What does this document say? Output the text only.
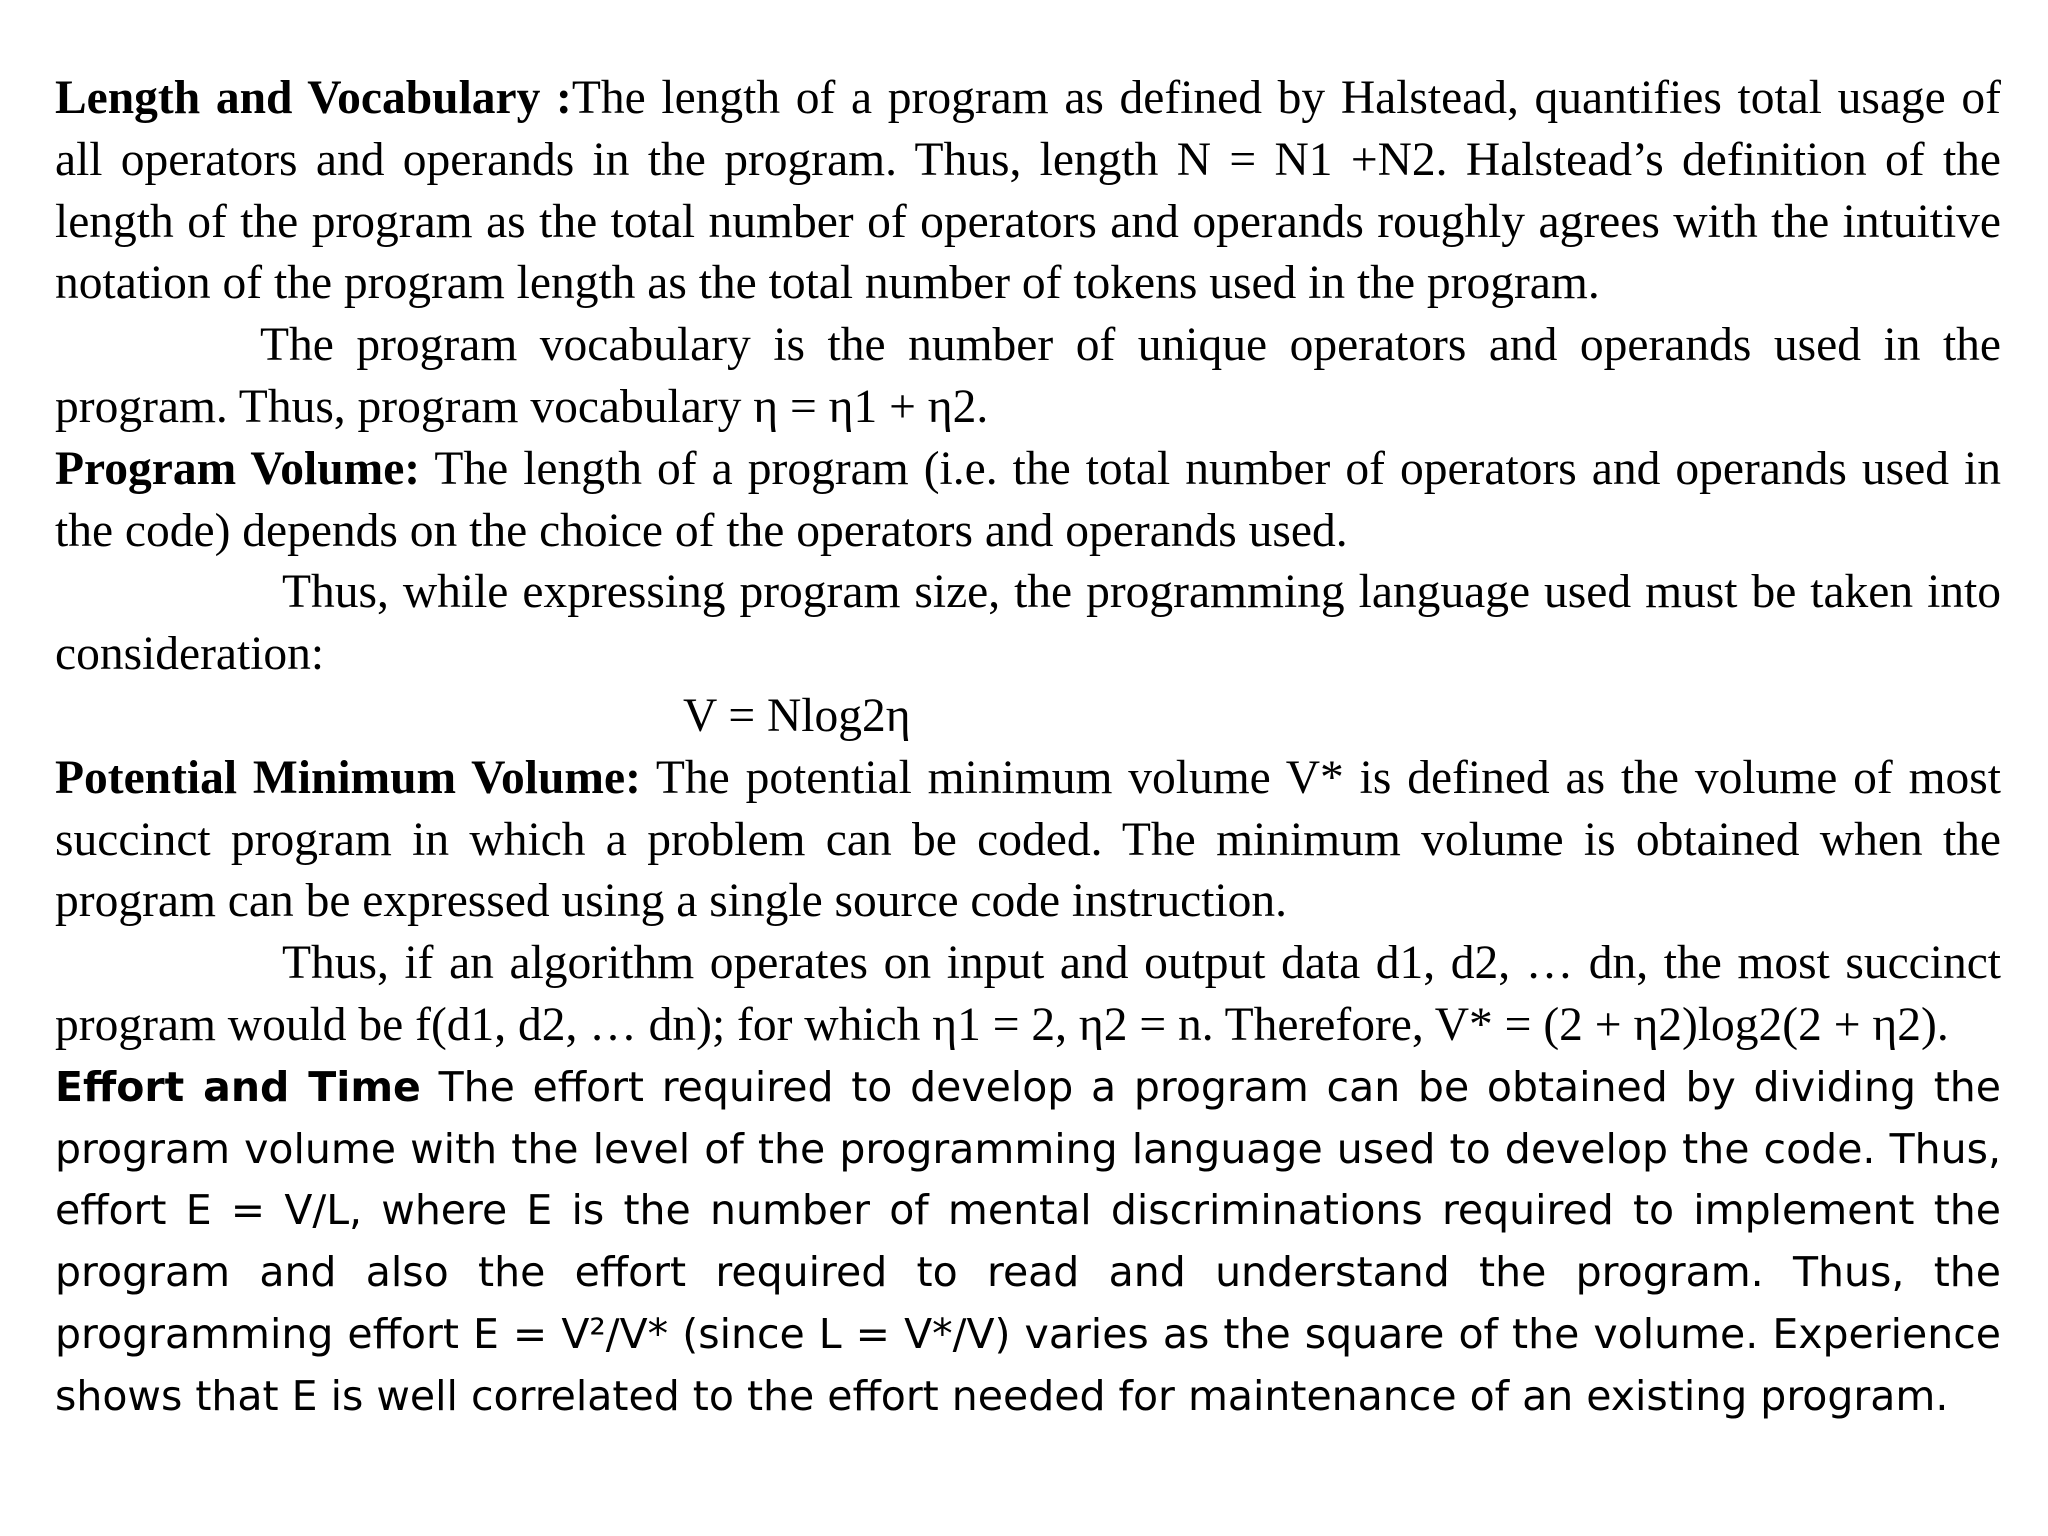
Length and Vocabulary :The length of a program as defined by Halstead, quantifies total usage of all operators and operands in the program. Thus, length N = N1 +N2. Halstead’s definition of the length of the program as the total number of operators and operands roughly agrees with the intuitive notation of the program length as the total number of tokens used in the program.

The program vocabulary is the number of unique operators and operands used in the program. Thus, program vocabulary η = η1 + η2.

Program Volume: The length of a program (i.e. the total number of operators and operands used in the code) depends on the choice of the operators and operands used.

Thus, while expressing program size, the programming language used must be taken into consideration:

V = Nlog2η

Potential Minimum Volume: The potential minimum volume V* is defined as the volume of most succinct program in which a problem can be coded. The minimum volume is obtained when the program can be expressed using a single source code instruction.

Thus, if an algorithm operates on input and output data d1, d2, … dn, the most succinct program would be f(d1, d2, … dn); for which η1 = 2, η2 = n. Therefore, V* = (2 + η2)log2(2 + η2).

Effort and Time The effort required to develop a program can be obtained by dividing the program volume with the level of the programming language used to develop the code. Thus, effort E = V/L, where E is the number of mental discriminations required to implement the program and also the effort required to read and understand the program. Thus, the programming effort E = V²/V* (since L = V*/V) varies as the square of the volume. Experience shows that E is well correlated to the effort needed for maintenance of an existing program.
